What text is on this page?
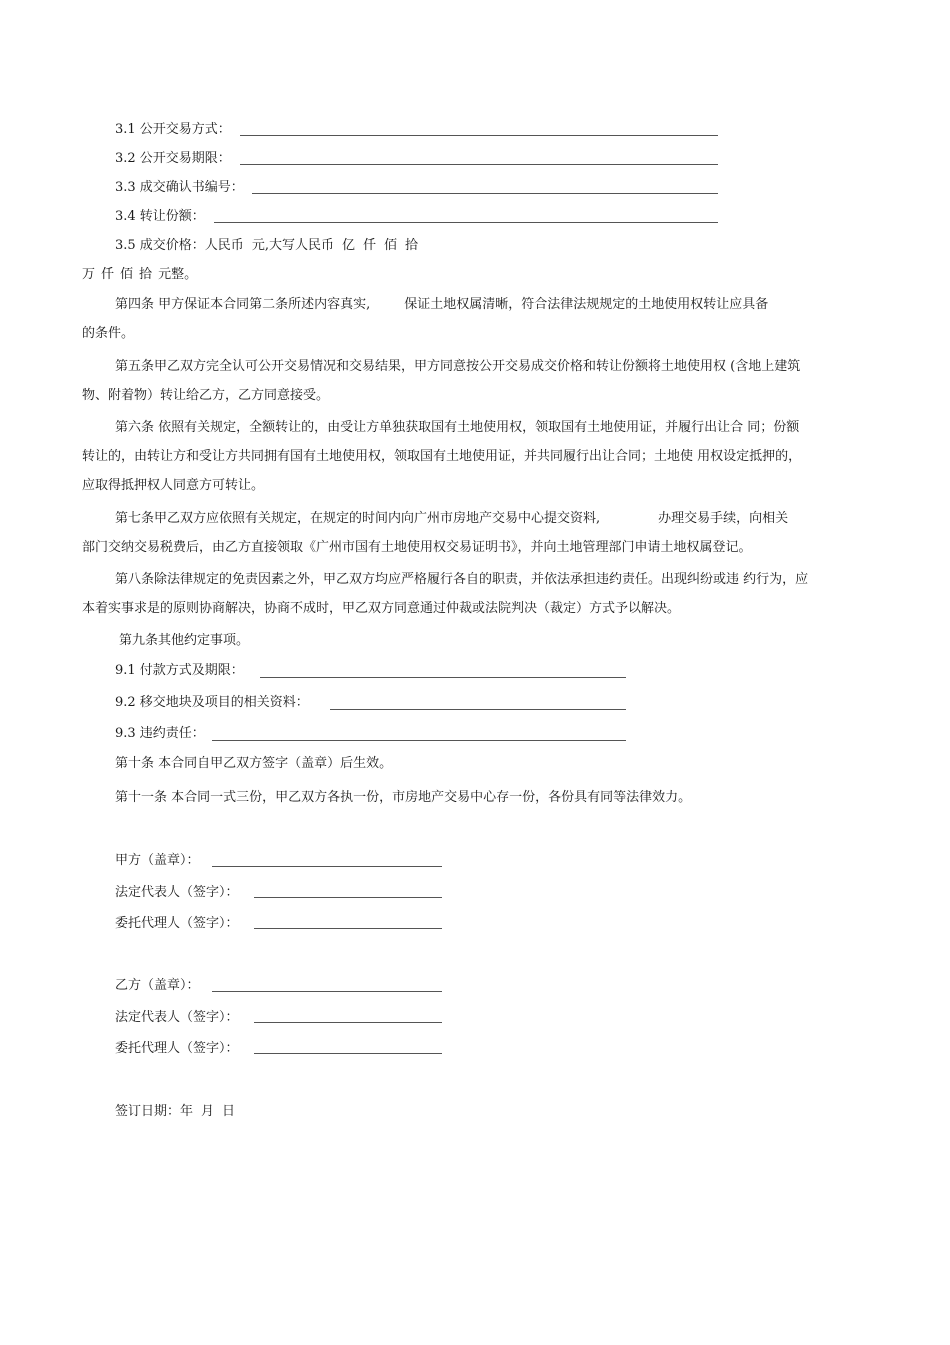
3.1 公开交易方式：
3.2 公开交易期限：
3.3 成交确认书编号：
3.4 转让份额：
3.5 成交价格：人民币 元,大写人民币 亿 仟 佰 拾
万 仟 佰 拾 元整。
第四条 甲方保证本合同第二条所述内容真实,	保证土地权属清晰，符合法律法规规定的土地使用权转让应具备
的条件。
第五条甲乙双方完全认可公开交易情况和交易结果，甲方同意按公开交易成交价格和转让份额将土地使用权 (含地上建筑
物、附着物）转让给乙方，乙方同意接受。
第六条 依照有关规定，全额转让的，由受让方单独获取国有土地使用权，领取国有土地使用证，并履行出让合 同；份额
转让的，由转让方和受让方共同拥有国有土地使用权，领取国有土地使用证，并共同履行出让合同；土地使 用权设定抵押的，
应取得抵押权人同意方可转让。
第七条甲乙双方应依照有关规定，在规定的时间内向广州市房地产交易中心提交资料,	办理交易手续，向相关
部门交纳交易税费后，由乙方直接领取《广州市国有土地使用权交易证明书》，并向土地管理部门申请土地权属登记。
第八条除法律规定的免责因素之外，甲乙双方均应严格履行各自的职责，并依法承担违约责任。出现纠纷或违 约行为，应
本着实事求是的原则协商解决，协商不成时，甲乙双方同意通过仲裁或法院判决（裁定）方式予以解决。
第九条其他约定事项。
9.1 付款方式及期限：
9.2 移交地块及项目的相关资料：
9.3 违约责任：
第十条 本合同自甲乙双方签字（盖章）后生效。
第十一条 本合同一式三份，甲乙双方各执一份，市房地产交易中心存一份，各份具有同等法律效力。
甲方（盖章）：
法定代表人（签字）：
委托代理人（签字）：
乙方（盖章）：
法定代表人（签字）：
委托代理人（签字）：
签订日期：年 月 日
